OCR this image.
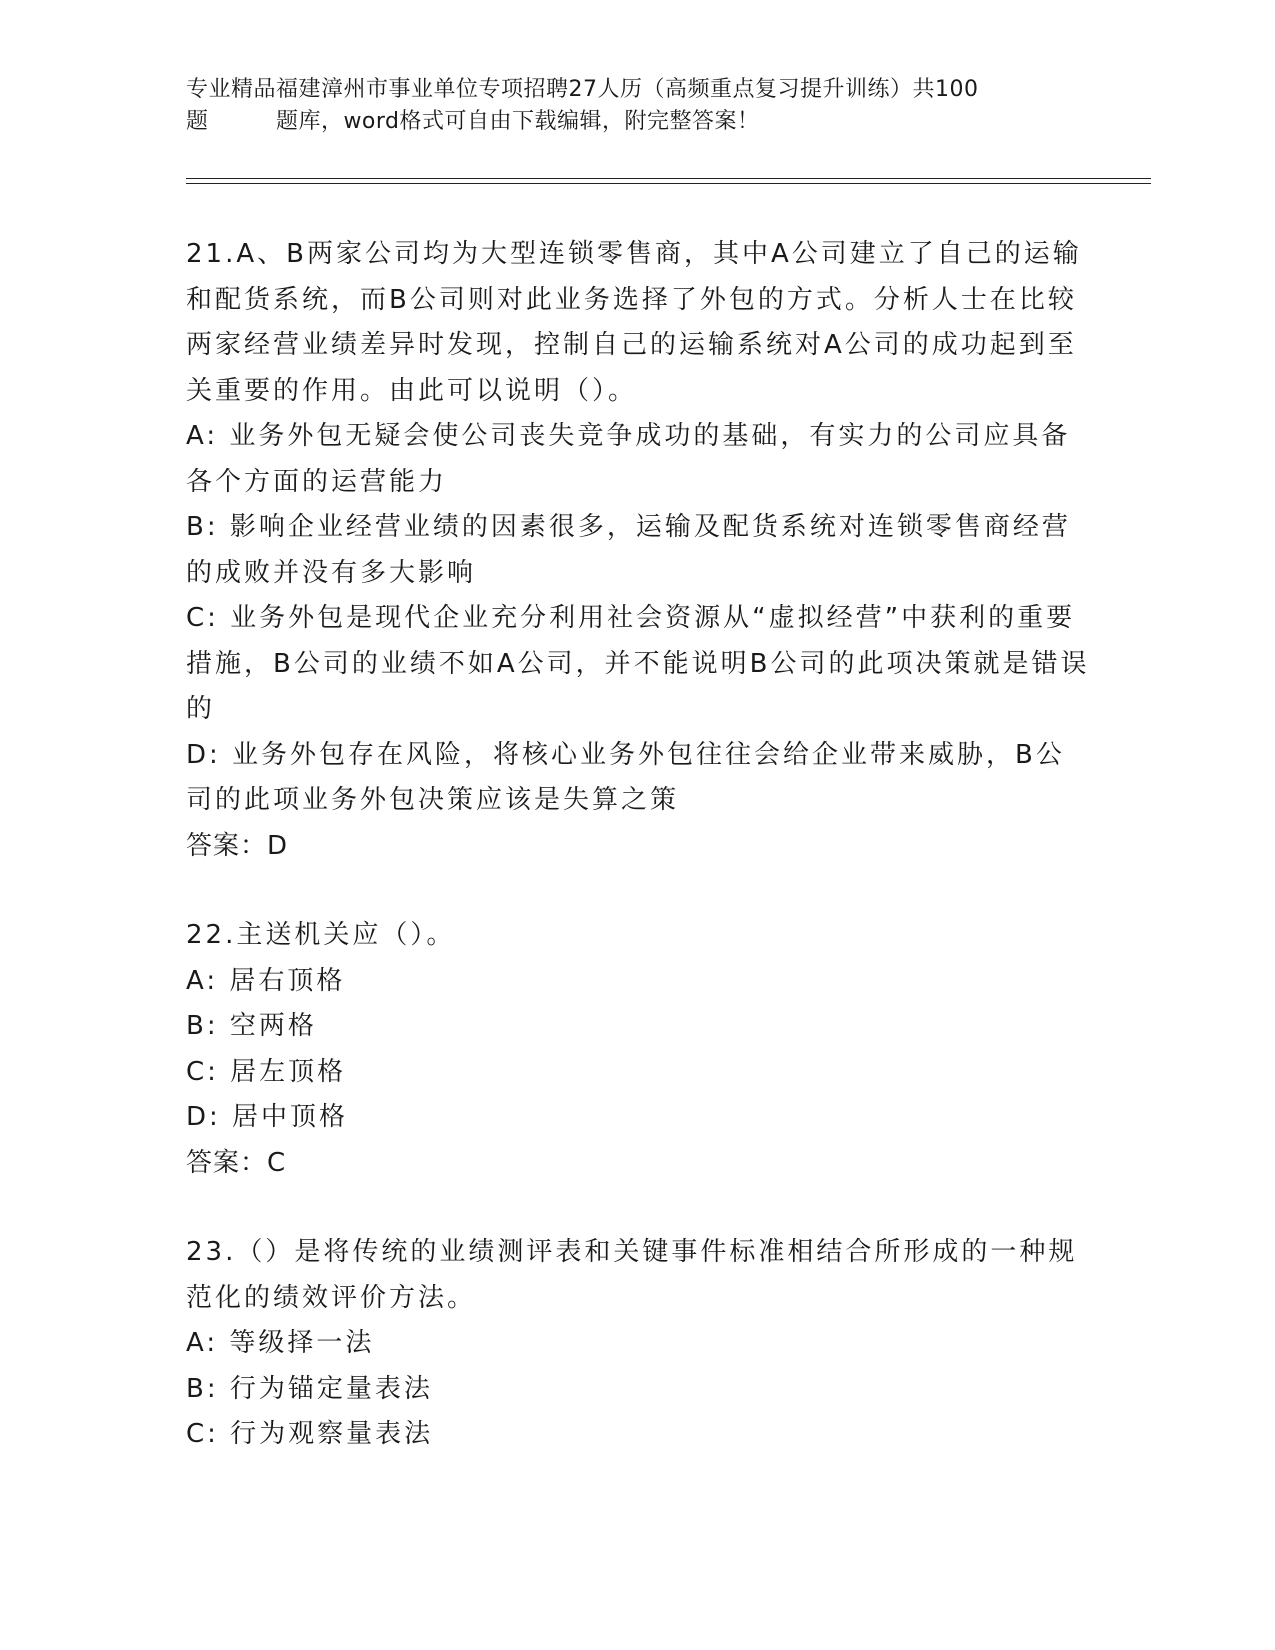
专业精品福建漳州市事业单位专项招聘27人历（高频重点复习提升训练）共100
题         题库，word格式可自由下载编辑，附完整答案！

21.A、B两家公司均为大型连锁零售商，其中A公司建立了自己的运输和配货系统，而B公司则对此业务选择了外包的方式。分析人士在比较两家经营业绩差异时发现，控制自己的运输系统对A公司的成功起到至关重要的作用。由此可以说明（）。

A: 业务外包无疑会使公司丧失竞争成功的基础，有实力的公司应具备各个方面的运营能力

B: 影响企业经营业绩的因素很多，运输及配货系统对连锁零售商经营的成败并没有多大影响

C: 业务外包是现代企业充分利用社会资源从“虚拟经营”中获利的重要措施，B公司的业绩不如A公司，并不能说明B公司的此项决策就是错误的

D: 业务外包存在风险，将核心业务外包往往会给企业带来威胁，B公司的此项业务外包决策应该是失算之策

答案：D

22.主送机关应（）。

A: 居右顶格

B: 空两格

C: 居左顶格

D: 居中顶格

答案：C

23.（）是将传统的业绩测评表和关键事件标准相结合所形成的一种规范化的绩效评价方法。

A: 等级择一法

B: 行为锚定量表法

C: 行为观察量表法
